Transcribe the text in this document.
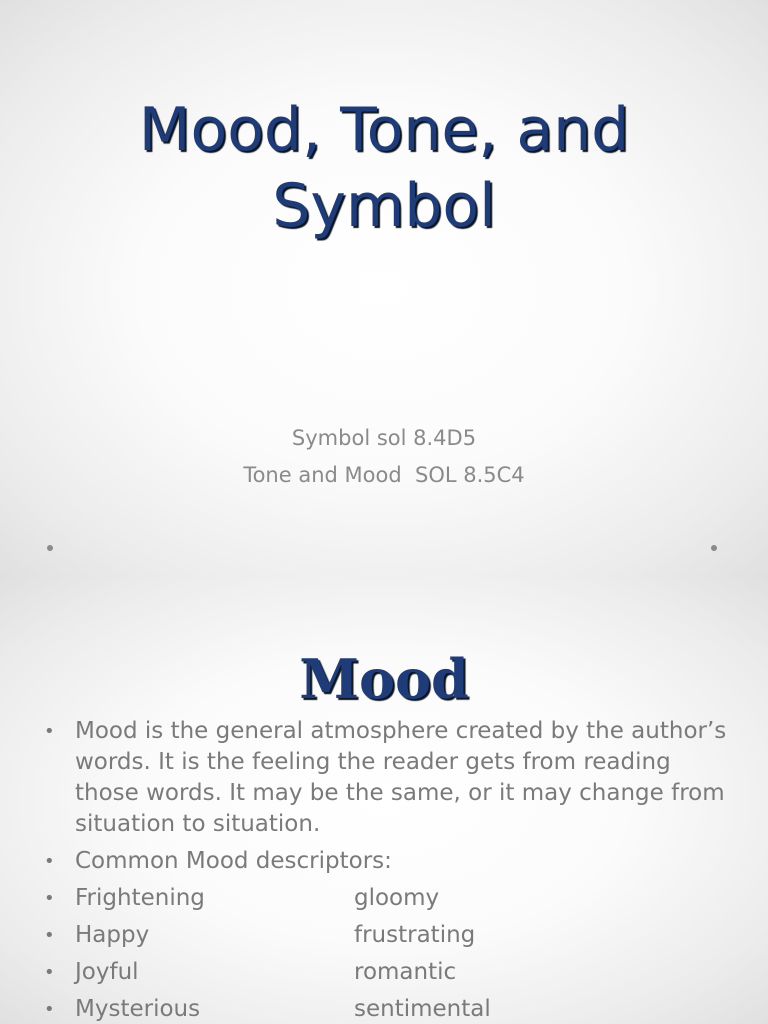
Mood, Tone, and
Symbol
Symbol sol 8.4D5
Tone and Mood  SOL 8.5C4
Mood
• Mood is the general atmosphere created by the author’s words. It is the feeling the reader gets from reading those words. It may be the same, or it may change from situation to situation.
• Common Mood descriptors:
• Frightening	gloomy
• Happy	frustrating
• Joyful	romantic
• Mysterious	sentimental
